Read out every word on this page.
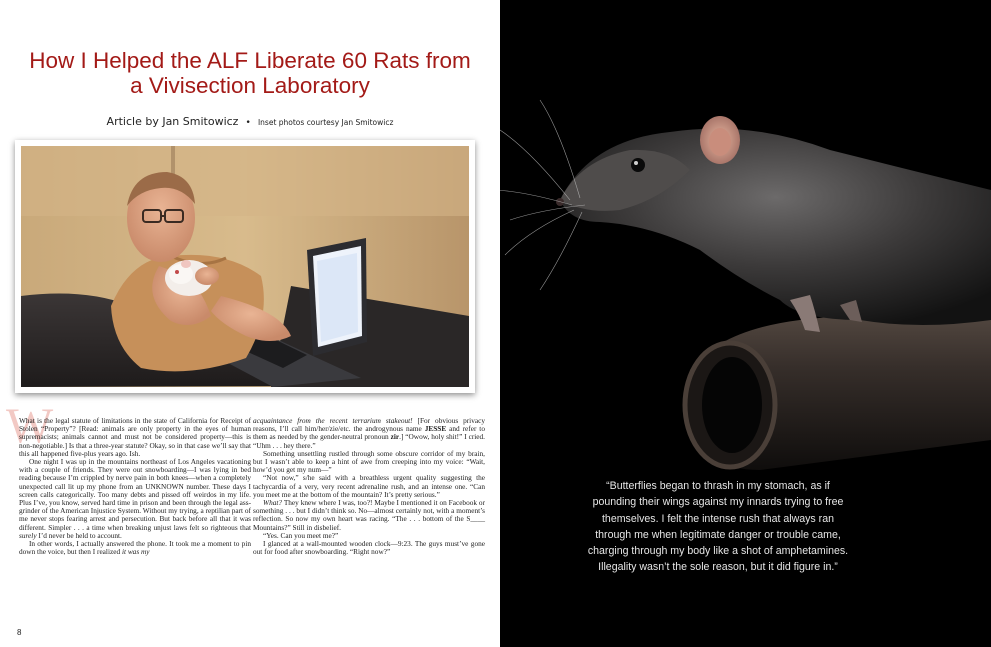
How I Helped the ALF Liberate 60 Rats from a Vivisection Laboratory
Article by Jan Smitowicz • Inset photos courtesy Jan Smitowicz
W

What is the legal statute of limitations in the state of California for Receipt of Stolen “Property”? [Read: animals are only property in the eyes of human supremacists; animals cannot and must not be considered property—this is non-negotiable.] Is that a three-year statute? Okay, so in that case we’ll say that this all happened five-plus years ago. Ish.

One night I was up in the mountains northeast of Los Angeles vacationing with a couple of friends. They were out snowboarding—I was lying in bed reading because I’m crippled by nerve pain in both knees—when a completely unexpected call lit up my phone from an UNKNOWN number. These days I screen calls categorically. Too many debts and pissed off weirdos in my life. Plus I’ve, you know, served hard time in prison and been through the legal ass-grinder of the American Injustice System. Without my trying, a reptilian part of me never stops fearing arrest and persecution. But back before all that it was different. Simpler . . . a time when breaking unjust laws felt so righteous that surely I’d never be held to account.

In other words, I actually answered the phone. It took me a moment to pin down the voice, but then I realized it was my

acquaintance from the recent terrarium stakeout! [For obvious privacy reasons, I’ll call him/her/zie/etc. the androgynous name JESSE and refer to them as needed by the gender-neutral pronoun zir.] “Owow, holy shit!” I cried. “Uhm . . . hey there.”

Something unsettling rustled through some obscure corridor of my brain, but I wasn’t able to keep a hint of awe from creeping into my voice: “Wait, how’d you get my num—”

“Not now,” s/he said with a breathless urgent quality suggesting the tachycardia of a very, very recent adrenaline rush, and an intense one. “Can you meet me at the bottom of the mountain? It’s pretty serious.”

What? They knew where I was, too?! Maybe I mentioned it on Facebook or something . . . but I didn’t think so. No—almost certainly not, with a moment’s reflection. So now my own heart was racing. “The . . . bottom of the S____ Mountains?” Still in disbelief.

“Yes. Can you meet me?”

I glanced at a wall-mounted wooden clock—9:23. The guys must’ve gone out for food after snowboarding. “Right now?”

8
“Butterflies began to thrash in my stomach, as if pounding their wings against my innards trying to free themselves. I felt the intense rush that always ran through me when legitimate danger or trouble came, charging through my body like a shot of amphetamines. Illegality wasn’t the sole reason, but it did figure in.”
